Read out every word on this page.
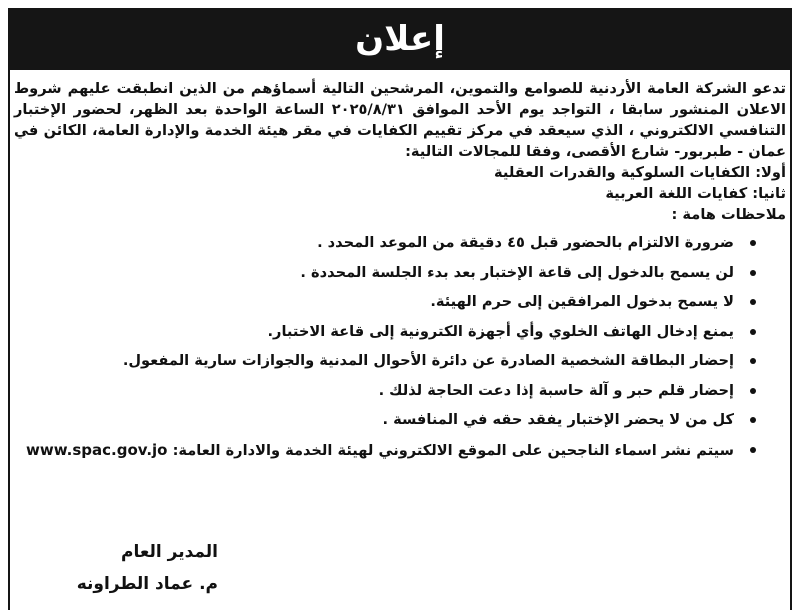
إعلان

تدعو الشركة العامة الأردنية للصوامع والتموين، المرشحين التالية أسماؤهم من الذين انطبقت عليهم شروط الاعلان المنشور سابقا ، التواجد يوم الأحد الموافق ٢٠٢٥/٨/٣١ الساعة الواحدة بعد الظهر، لحضور الإختبار التنافسي الالكتروني ، الذي سيعقد في مركز تقييم الكفايات في مقر هيئة الخدمة والإدارة العامة، الكائن في عمان - طبربور- شارع الأقصى، وفقا للمجالات التالية:

أولا: الكفايات السلوكية والقدرات العقلية

ثانيا: كفايات اللغة العربية

ملاحظات هامة :

ضرورة الالتزام بالحضور قبل ٤٥ دقيقة من الموعد المحدد .
لن يسمح بالدخول إلى قاعة الإختبار بعد بدء الجلسة المحددة .
لا يسمح بدخول المرافقين إلى حرم الهيئة.
يمنع إدخال الهاتف الخلوي وأي أجهزة الكترونية إلى قاعة الاختبار.
إحضار البطاقة الشخصية الصادرة عن دائرة الأحوال المدنية والجوازات سارية المفعول.
إحضار قلم حبر و آلة حاسبة إذا دعت الحاجة لذلك .
كل من لا يحضر الإختبار يفقد حقه في المنافسة .
سيتم نشر اسماء الناجحين على الموقع الالكتروني لهيئة الخدمة والادارة العامة: www.spac.gov.jo
المدير العام
م. عماد الطراونه
